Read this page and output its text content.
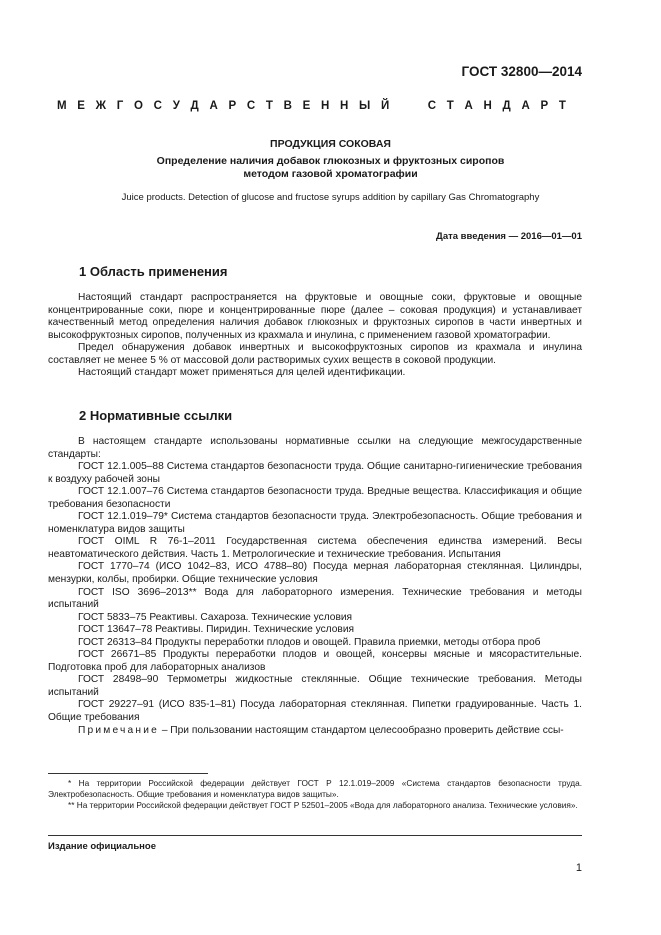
ГОСТ 32800—2014
М Е Ж Г О С У Д А Р С Т В Е Н Н Ы Й

	С Т А Н Д А Р Т
ПРОДУКЦИЯ СОКОВАЯ
Определение наличия добавок глюкозных и фруктозных сиропов
методом газовой хроматографии
Juice products. Detection of glucose and fructose syrups addition by capillary Gas Chromatography
Дата введения — 2016—01—01
1 Область применения

Настоящий стандарт распространяется на фруктовые и овощные соки, фруктовые и овощные концентрированные соки, пюре и концентрированные пюре (далее – соковая продукция) и устанавливает качественный метод определения наличия добавок глюкозных и фруктозных сиропов в части инвертных и высокофруктозных сиропов, полученных из крахмала и инулина, с применением газовой хроматографии.

Предел обнаружения добавок инвертных и высокофруктозных сиропов из крахмала и инулина составляет не менее 5 % от массовой доли растворимых сухих веществ в соковой продукции.

Настоящий стандарт может применяться для целей идентификации.

2 Нормативные ссылки

В настоящем стандарте использованы нормативные ссылки на следующие межгосударственные стандарты:

ГОСТ 12.1.005–88 Система стандартов безопасности труда. Общие санитарно-гигиенические требования к воздуху рабочей зоны

ГОСТ 12.1.007–76 Система стандартов безопасности труда. Вредные вещества. Классификация и общие требования безопасности

ГОСТ 12.1.019–79* Система стандартов безопасности труда. Электробезопасность. Общие требования и номенклатура видов защиты

ГОСТ OIML R 76-1–2011 Государственная система обеспечения единства измерений. Весы неавтоматического действия. Часть 1. Метрологические и технические требования. Испытания

ГОСТ 1770–74 (ИСО 1042–83, ИСО 4788–80) Посуда мерная лабораторная стеклянная. Цилиндры, мензурки, колбы, пробирки. Общие технические условия

ГОСТ ISO 3696–2013** Вода для лабораторного измерения. Технические требования и методы испытаний

ГОСТ 5833–75 Реактивы. Сахароза. Технические условия

ГОСТ 13647–78 Реактивы. Пиридин. Технические условия

ГОСТ 26313–84 Продукты переработки плодов и овощей. Правила приемки, методы отбора проб

ГОСТ 26671–85 Продукты переработки плодов и овощей, консервы мясные и мясорастительные. Подготовка проб для лабораторных анализов

ГОСТ 28498–90 Термометры жидкостные стеклянные. Общие технические требования. Методы испытаний

ГОСТ 29227–91 (ИСО 835-1–81) Посуда лабораторная стеклянная. Пипетки градуированные. Часть 1. Общие требования

Примечание – При пользовании настоящим стандартом целесообразно проверить действие ссы-

* На территории Российской федерации действует ГОСТ Р 12.1.019–2009 «Система стандартов безопасности труда. Электробезопасность. Общие требования и номенклатура видов защиты».

** На территории Российской федерации действует ГОСТ Р 52501–2005 «Вода для лабораторного анализа. Технические условия».

Издание официальное
1
